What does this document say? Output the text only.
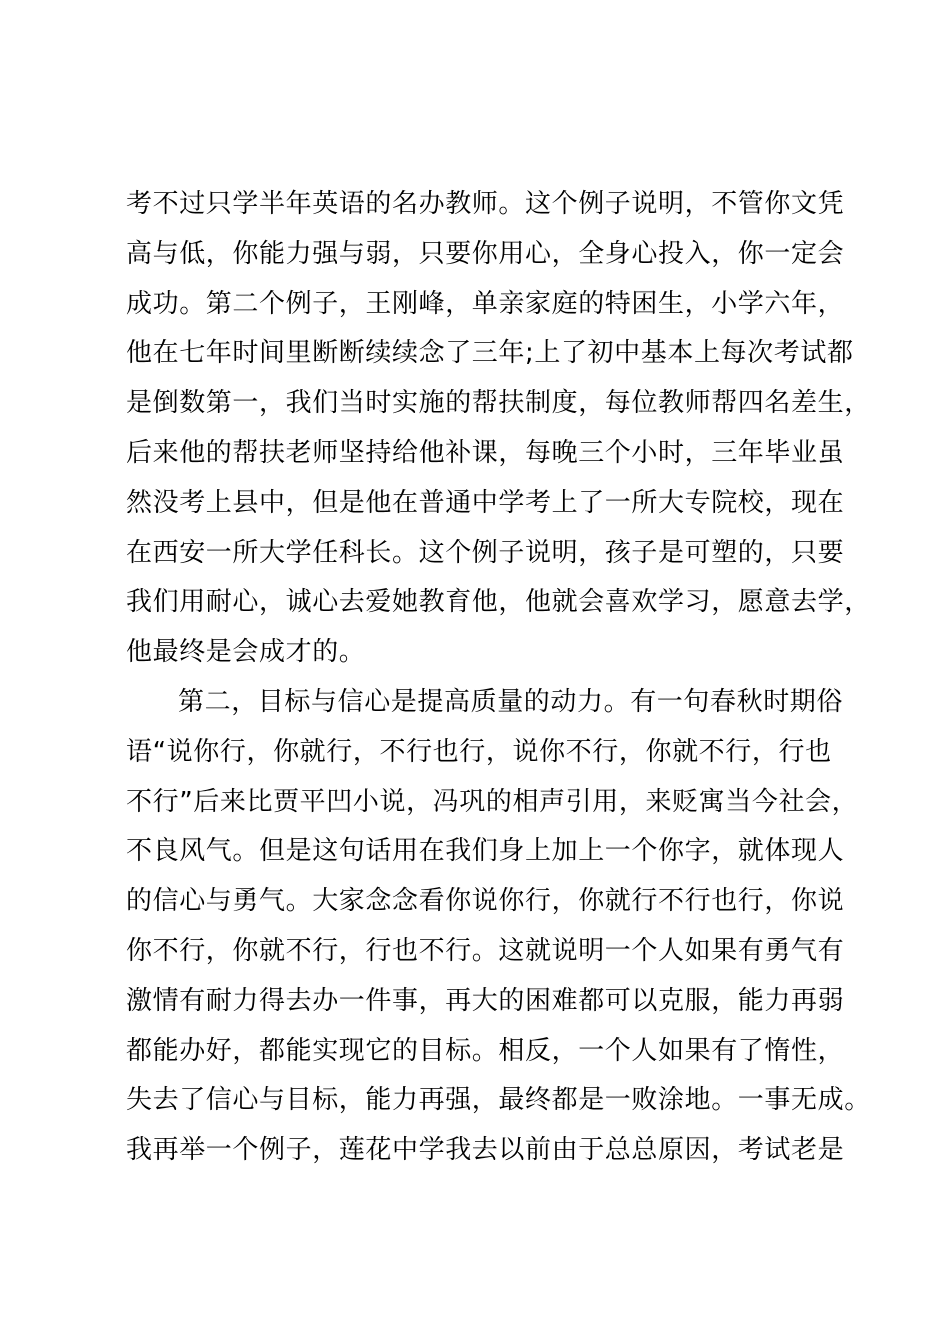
考不过只学半年英语的名办教师。这个例子说明，不管你文凭
高与低，你能力强与弱，只要你用心，全身心投入，你一定会
成功。第二个例子，王刚峰，单亲家庭的特困生，小学六年，
他在七年时间里断断续续念了三年;上了初中基本上每次考试都
是倒数第一，我们当时实施的帮扶制度，每位教师帮四名差生，
后来他的帮扶老师坚持给他补课，每晚三个小时，三年毕业虽
然没考上县中，但是他在普通中学考上了一所大专院校，现在
在西安一所大学任科长。这个例子说明，孩子是可塑的，只要
我们用耐心，诚心去爱她教育他，他就会喜欢学习，愿意去学，
他最终是会成才的。
第二，目标与信心是提高质量的动力。有一句春秋时期俗
语“说你行，你就行，不行也行，说你不行，你就不行，行也
不行”后来比贾平凹小说，冯巩的相声引用，来贬寓当今社会，
不良风气。但是这句话用在我们身上加上一个你字，就体现人
的信心与勇气。大家念念看你说你行，你就行不行也行，你说
你不行，你就不行，行也不行。这就说明一个人如果有勇气有
激情有耐力得去办一件事，再大的困难都可以克服，能力再弱
都能办好，都能实现它的目标。相反，一个人如果有了惰性，
失去了信心与目标，能力再强，最终都是一败涂地。一事无成。
我再举一个例子，莲花中学我去以前由于总总原因，考试老是
